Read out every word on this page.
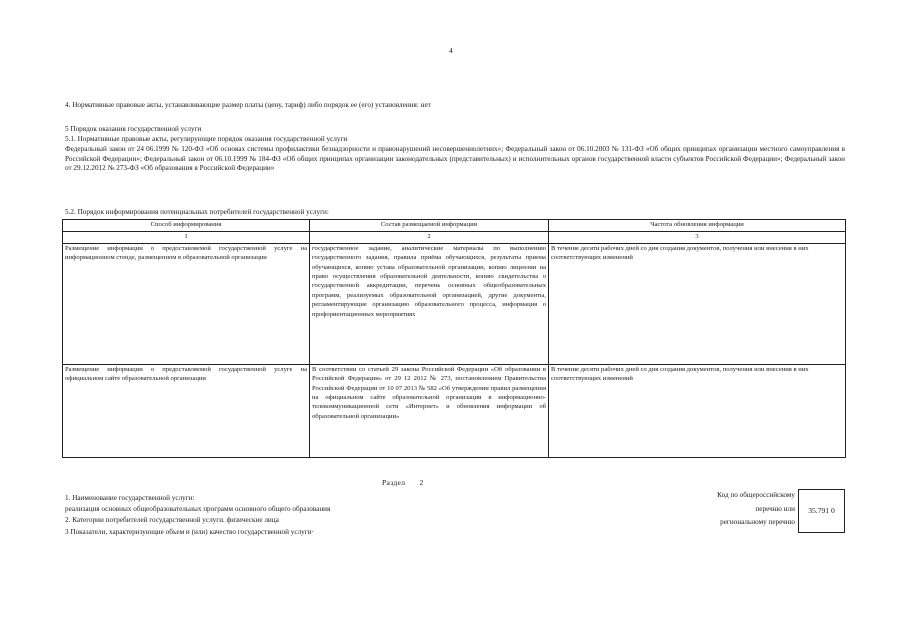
4
4. Нормативные правовые акты, устанавливающие размер платы (цену, тариф) либо порядок ее (его) установления: нет
5 Порядок оказания государственной услуги
5.1. Нормативные правовые акты, регулирующие порядок оказания государственной услуги
Федеральный закон от 24 06.1999 № 120-ФЗ «Об основах системы профилактики безнадзорности и правонарушений несовершеннолетних»; Федеральный закон от 06.10.2003 № 131-ФЗ «Об общих принципах организации местного самоуправления в Российской Федерации»; Федеральный закон от 06.10.1999 № 184-ФЗ «Об общих принципах организации законодательных (представительных) и исполнительных органов государственной власти субъектов Российской Федерации»; Федеральный закон от 29.12.2012 № 273-ФЗ «Об образования в Российской Федерации»
5.2. Порядок информирования потенциальных потребителей государственной услуги:
Способ информирования	Состав размещаемой информации	Частота обновления информации
1	2	3
Размещение информации о предоставляемой государственной услуге на информационном стенде, размещенном в образовательной организации	государственное задание, аналитические материалы по выполнению государственного задания, правила приёма обучающихся, результаты приема обучающихся, копию устава образовательной организации, копию лицензии на право осуществления образовательной деятельности, копию свидетельства о государственной аккредитации, перечень основных общеобразовательных программ, реализуемых образовательной организацией, другие документы, регламентирующие организацию образовательного процесса, информация о профориентационных мероприятиях	В течение десяти рабочих дней со дня создания документов, получения или внесения в них соответствующих изменений
Размещение информации о предоставляемой государственной услуге на официальном сайте образовательной организации	В соответствии со статьей 29 закона Российской Федерации «Об образовании в Российской Федерации» от 29 12 2012 № 273, постановлением Правительства Российской Федерации от 10 07 2013 № 582 «Об утверждении правил размещения на официальном сайте образовательной организации в информационно-телекоммуникационной сети «Интернет» и обновления информации об образовательной организации»	В течение десяти рабочих дней со дня создания документов, получения или внесения в них соответствующих изменений
Раздел 2
1. Наименование государственной услуги:
реализация основных общеобразовательных программ основного общего образования
2. Категории потребителей государственной услуги. физические лица
3 Показатели, характеризующие объем и (или) качество государственной услуги·
Код по общероссийскому
перечню или
региональному перечню
35.791 0
